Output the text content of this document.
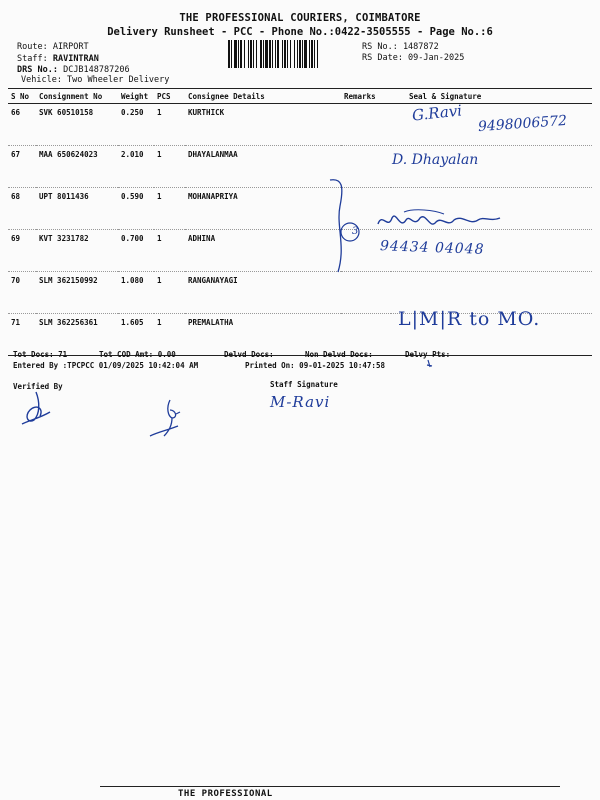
THE PROFESSIONAL COURIERS, COIMBATORE
Delivery Runsheet - PCC - Phone No.:0422-3505555 - Page No.:6
Route: AIRPORT
Staff: RAVINTRAN
DRS No.: DCJB148787206
Vehicle: Two Wheeler Delivery
RS No.: 1487872
RS Date: 09-Jan-2025
S No	Consignment No	Weight	PCS	Consignee Details	Remarks	Seal & Signature
66	SVK 60510158	0.250	1	KURTHICK		
67	MAA 650624023	2.010	1	DHAYALANMAA		
68	UPT 8011436	0.590	1	MOHANAPRIYA		
69	KVT 3231782	0.700	1	ADHINA		
70	SLM 362150992	1.080	1	RANGANAYAGI		
71	SLM 362256361	1.605	1	PREMALATHA		
G.Ravi 9498006572
D. Dhayalan
3
94434 04048
L|M|R to MO.
Tot Docs: 71	Tot COD Amt: 0.00	Delvd Docs:	Non Delvd Docs:	Delvy Pts:
Entered By :TPCPCC 01/09/2025 10:42:04 AM	Printed On: 09-01-2025 10:47:58
Verified By	Staff Signature
M-Ravi
THE PROFESSIONAL
